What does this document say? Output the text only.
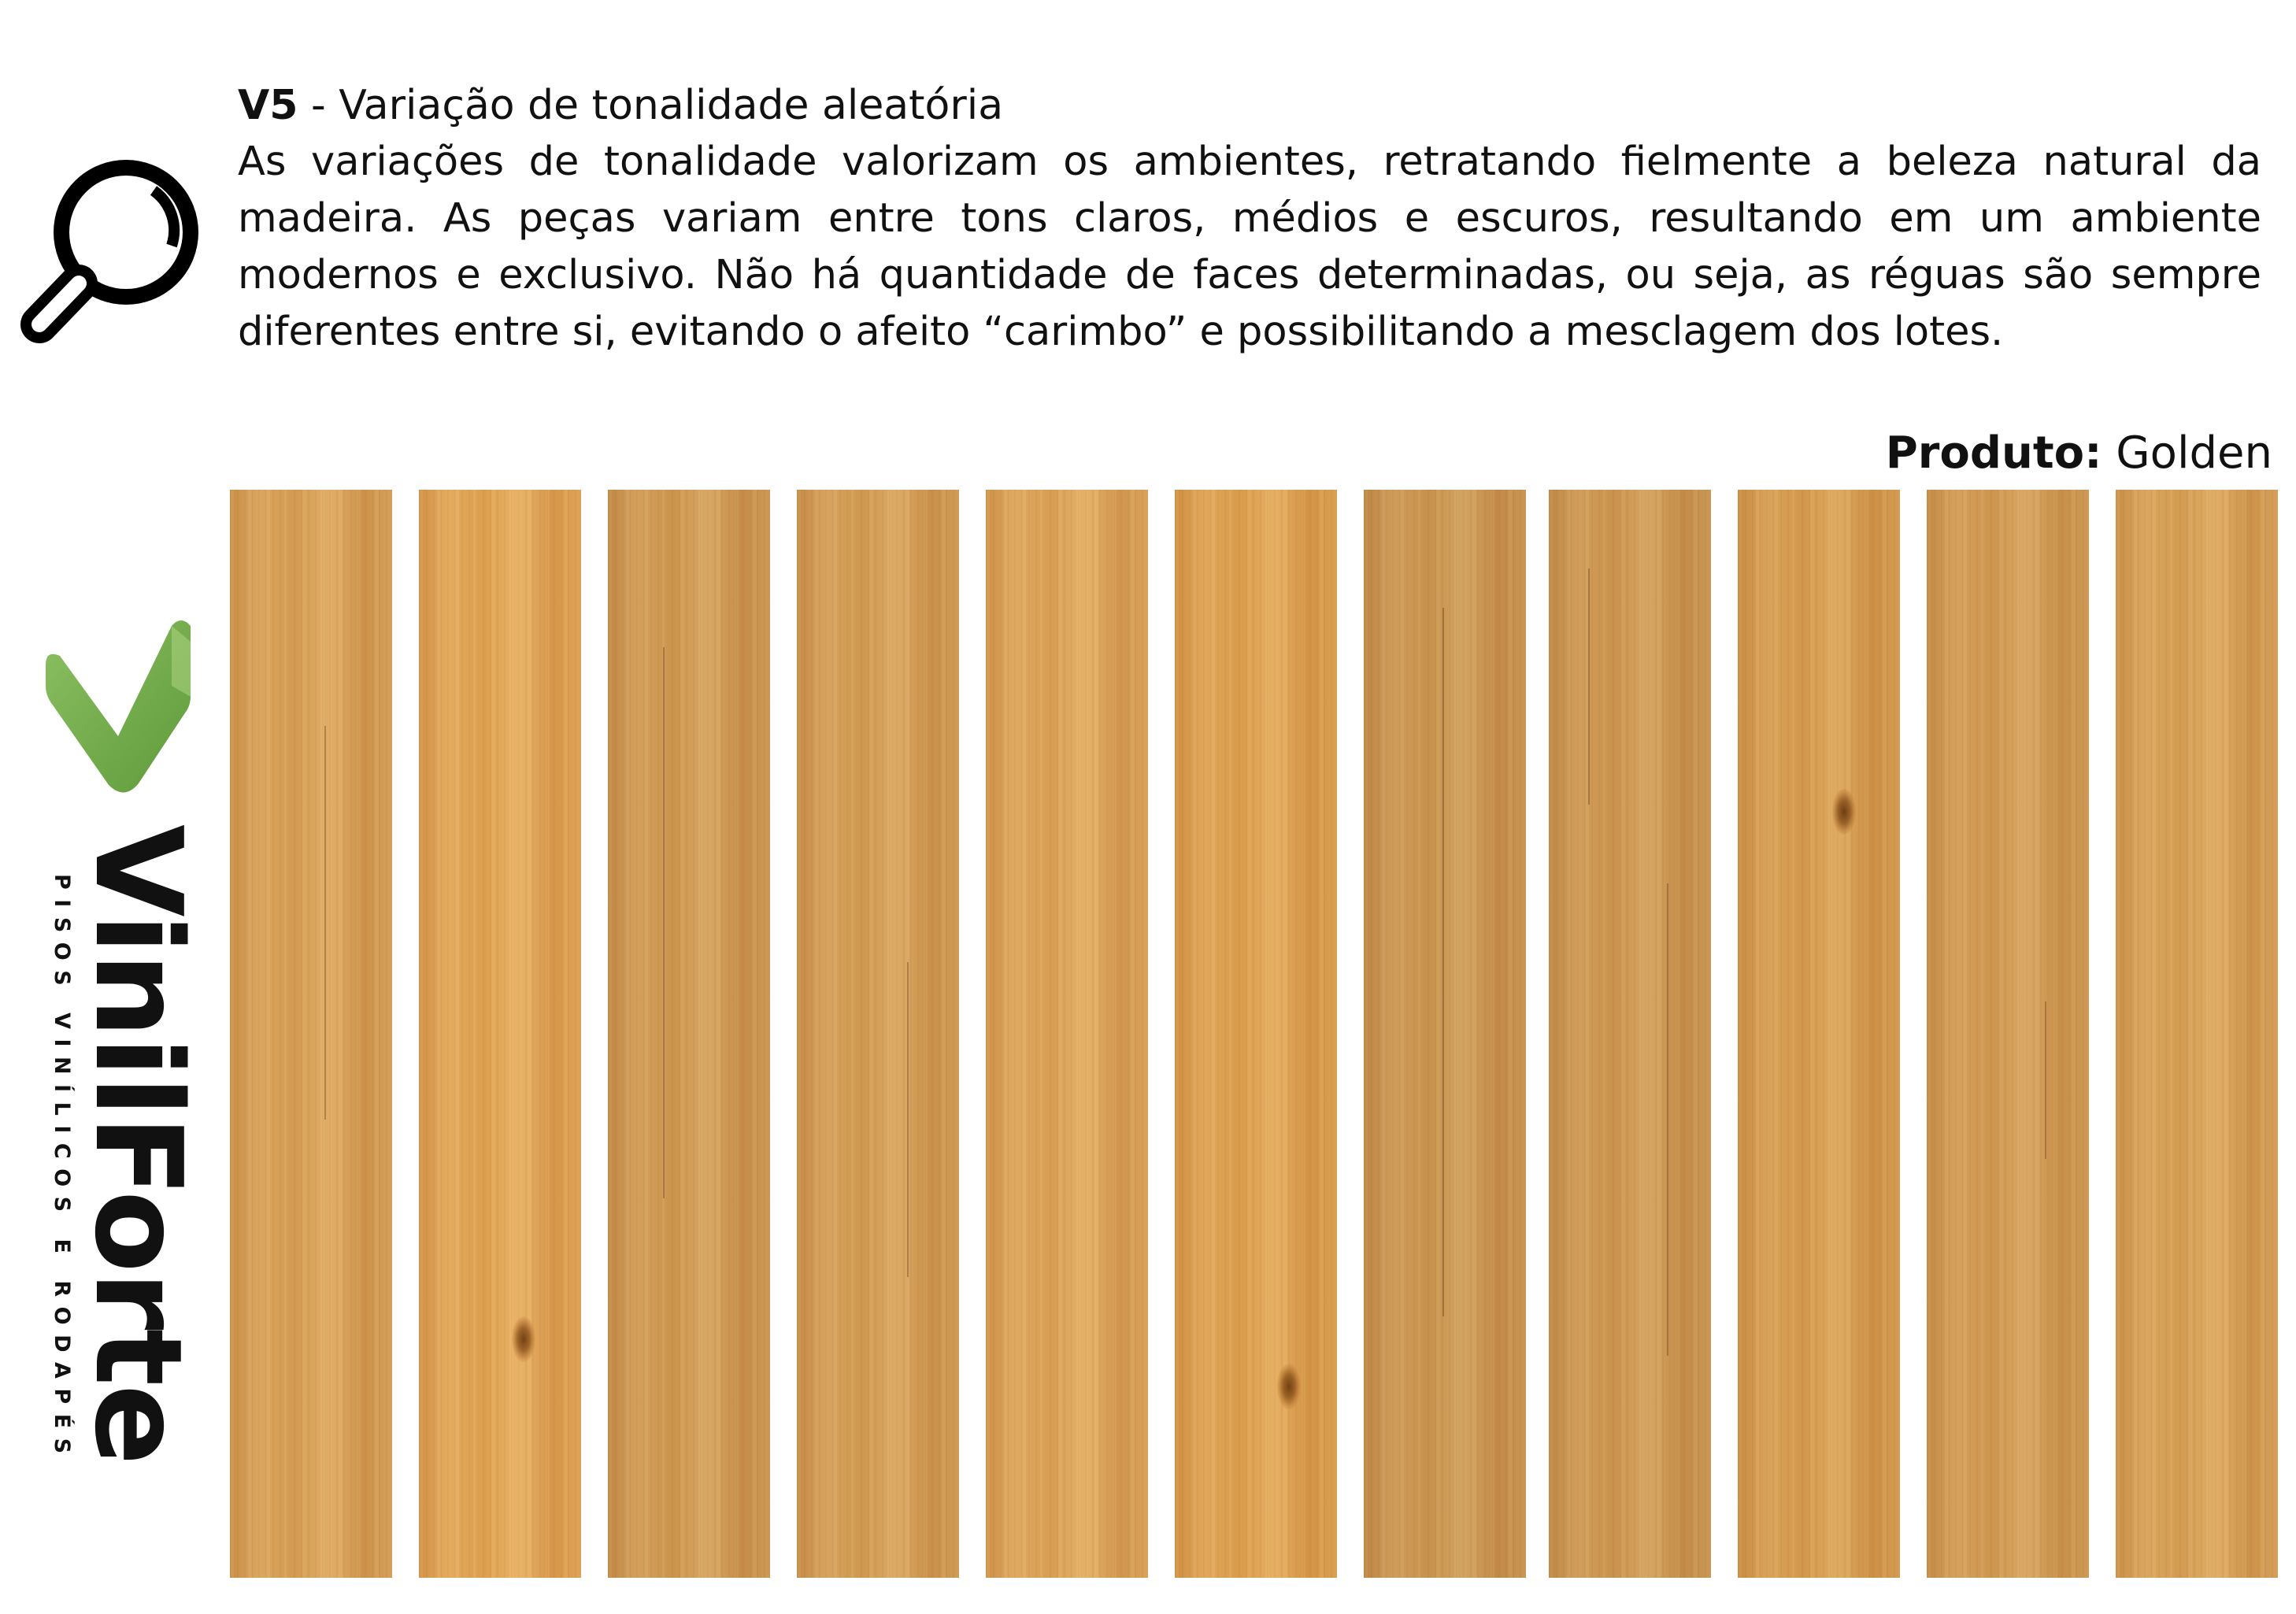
V5 - Variação de tonalidade aleatória

As variações de tonalidade valorizam os ambientes, retratando fielmente a beleza natural da madeira. As peças variam entre tons claros, médios e escuros, resultando em um ambiente modernos e exclusivo. Não há quantidade de faces determinadas, ou seja, as réguas são sempre diferentes entre si, evitando o afeito “carimbo” e possibilitando a mesclagem dos lotes.

Produto: Golden
VinilForte
PISOS VINÍLICOS E RODAPÉS
